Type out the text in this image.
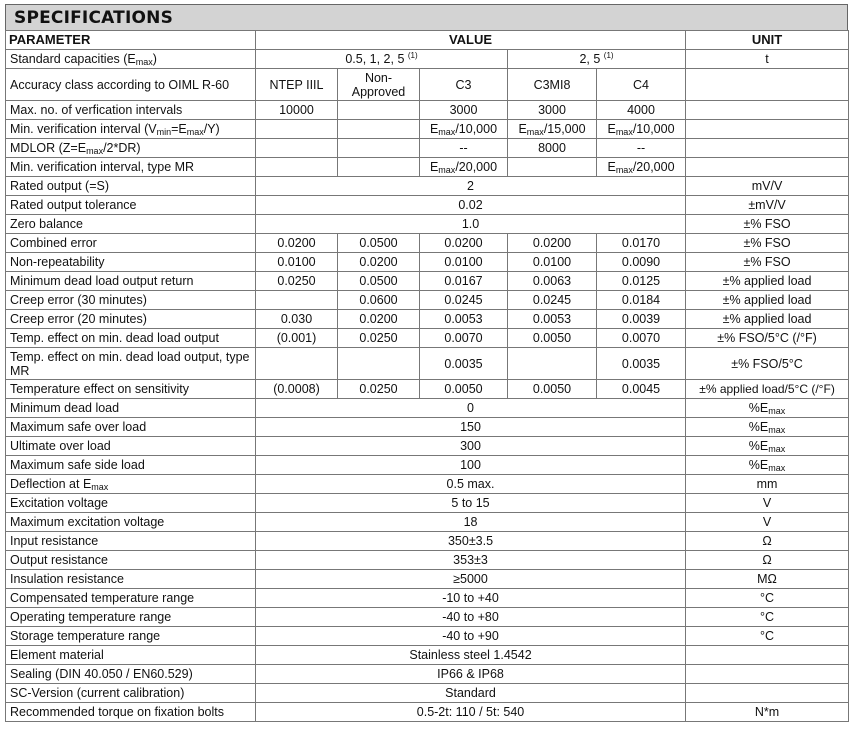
SPECIFICATIONS
PARAMETER	VALUE					UNIT
Standard capacities $(E_{max})$	0.5, 1, 2, 5 $^{(1)}$			2, 5 $^{(1)}$		t
Accuracy class according to OIML R-60	NTEP IIIL	Non-Approved	C3	C3MI8	C4	
Max. no. of verfication intervals	10000		3000	3000	4000	
Min. verification interval $(V_{min}=E_{max}/Y)$			$E_{max}/10,000$	$E_{max}/15,000$	$E_{max}/10,000$	
MDLOR $(Z=E_{max}/2*DR)$			--	8000	--	
Min. verification interval, type MR			$E_{max}/20,000$		$E_{max}/20,000$	
Rated output (=S)	2					mV/V
Rated output tolerance	0.02					±mV/V
Zero balance	1.0					±% FSO
Combined error	0.0200	0.0500	0.0200	0.0200	0.0170	±% FSO
Non-repeatability	0.0100	0.0200	0.0100	0.0100	0.0090	±% FSO
Minimum dead load output return	0.0250	0.0500	0.0167	0.0063	0.0125	±% applied load
Creep error (30 minutes)		0.0600	0.0245	0.0245	0.0184	±% applied load
Creep error (20 minutes)	0.030	0.0200	0.0053	0.0053	0.0039	±% applied load
Temp. effect on min. dead load output	(0.001)	0.0250	0.0070	0.0050	0.0070	±% FSO/5°C (/°F)
Temp. effect on min. dead load output, type MR			0.0035		0.0035	±% FSO/5°C
Temperature effect on sensitivity	(0.0008)	0.0250	0.0050	0.0050	0.0045	±% applied load/5°C (/°F)
Minimum dead load	0					$\%E_{max}$
Maximum safe over load	150					$\%E_{max}$
Ultimate over load	300					$\%E_{max}$
Maximum safe side load	100					$\%E_{max}$
Deflection at $E_{max}$	0.5 max.					mm
Excitation voltage	5 to 15					V
Maximum excitation voltage	18					V
Input resistance	350±3.5					Ω
Output resistance	353±3					Ω
Insulation resistance	≥5000					MΩ
Compensated temperature range	-10 to +40					°C
Operating temperature range	-40 to +80					°C
Storage temperature range	-40 to +90					°C
Element material	Stainless steel 1.4542					
Sealing (DIN 40.050 / EN60.529)	IP66 & IP68					
SC-Version (current calibration)	Standard					
Recommended torque on fixation bolts	0.5-2t: 110 / 5t: 540					N*m
